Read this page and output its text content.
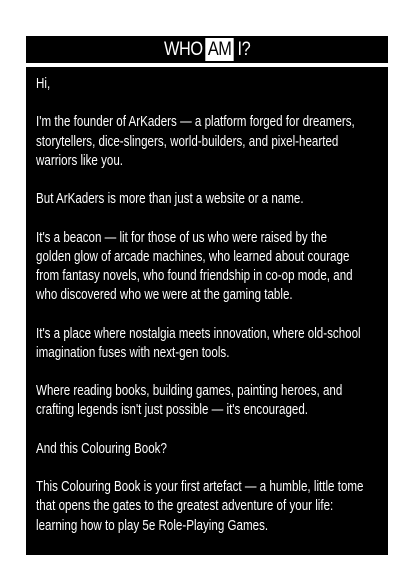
WHO AM I?

Hi,

I'm the founder of ArKaders — a platform forged for dreamers,
storytellers, dice-slingers, world-builders, and pixel-hearted
warriors like you.

But ArKaders is more than just a website or a name.

It's a beacon — lit for those of us who were raised by the
golden glow of arcade machines, who learned about courage
from fantasy novels, who found friendship in co-op mode, and
who discovered who we were at the gaming table.

It's a place where nostalgia meets innovation, where old-school
imagination fuses with next-gen tools.

Where reading books, building games, painting heroes, and
crafting legends isn't just possible — it's encouraged.

And this Colouring Book?

This Colouring Book is your first artefact — a humble, little tome
that opens the gates to the greatest adventure of your life:
learning how to play 5e Role-Playing Games.

But enough about me...
